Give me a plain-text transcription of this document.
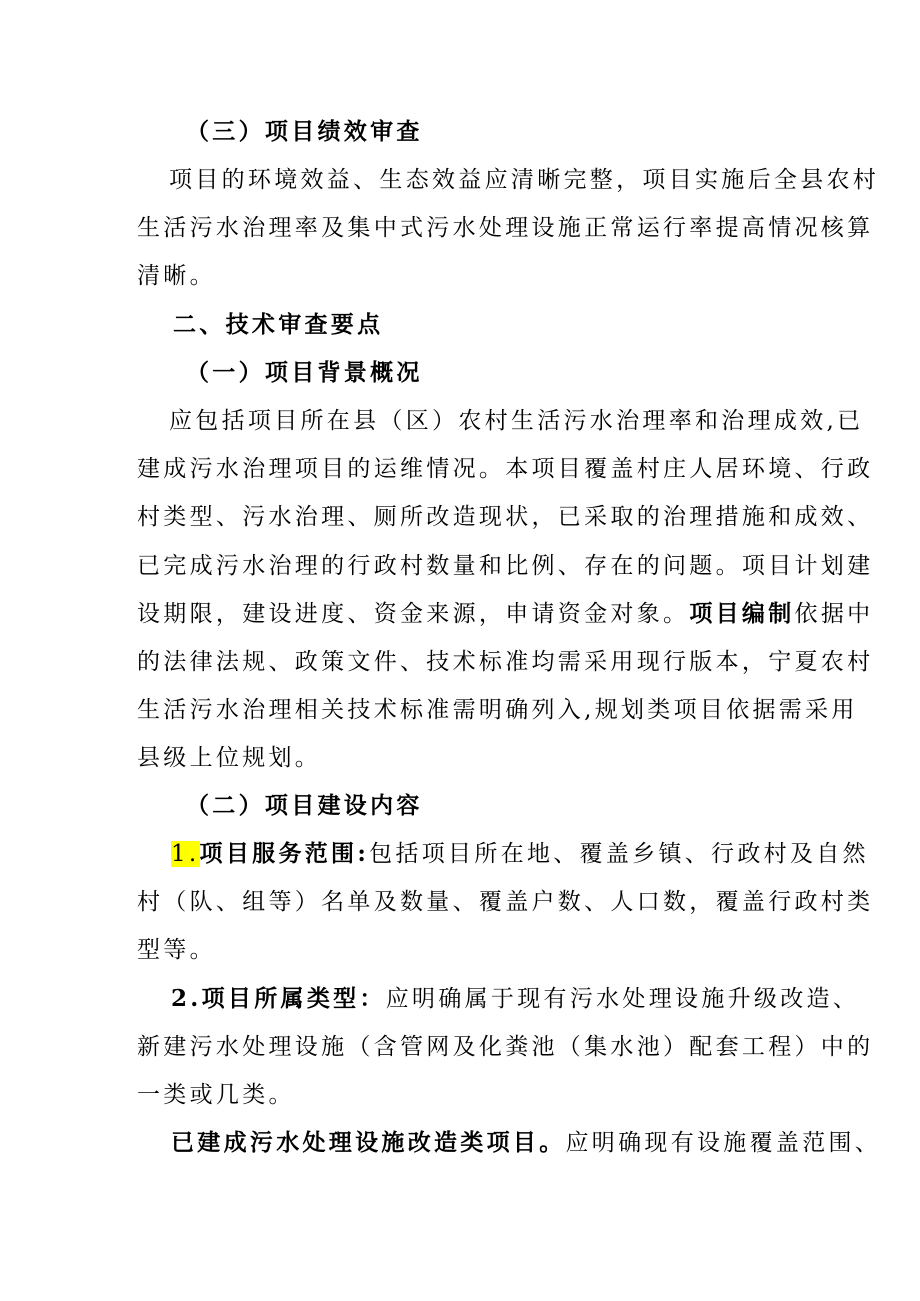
（三）项目绩效审查
项目的环境效益、生态效益应清晰完整，项目实施后全县农村
生活污水治理率及集中式污水处理设施正常运行率提高情况核算
清晰。
二、技术审查要点
（一）项目背景概况
应包括项目所在县（区）农村生活污水治理率和治理成效,已
建成污水治理项目的运维情况。本项目覆盖村庄人居环境、行政
村类型、污水治理、厕所改造现状，已采取的治理措施和成效、
已完成污水治理的行政村数量和比例、存在的问题。项目计划建
设期限，建设进度、资金来源，申请资金对象。项目编制依据中
的法律法规、政策文件、技术标准均需采用现行版本，宁夏农村
生活污水治理相关技术标准需明确列入,规划类项目依据需采用
县级上位规划。
（二）项目建设内容
1.项目服务范围:包括项目所在地、覆盖乡镇、行政村及自然
村（队、组等）名单及数量、覆盖户数、人口数，覆盖行政村类
型等。
2.项目所属类型：应明确属于现有污水处理设施升级改造、
新建污水处理设施（含管网及化粪池（集水池）配套工程）中的
一类或几类。
已建成污水处理设施改造类项目。应明确现有设施覆盖范围、
